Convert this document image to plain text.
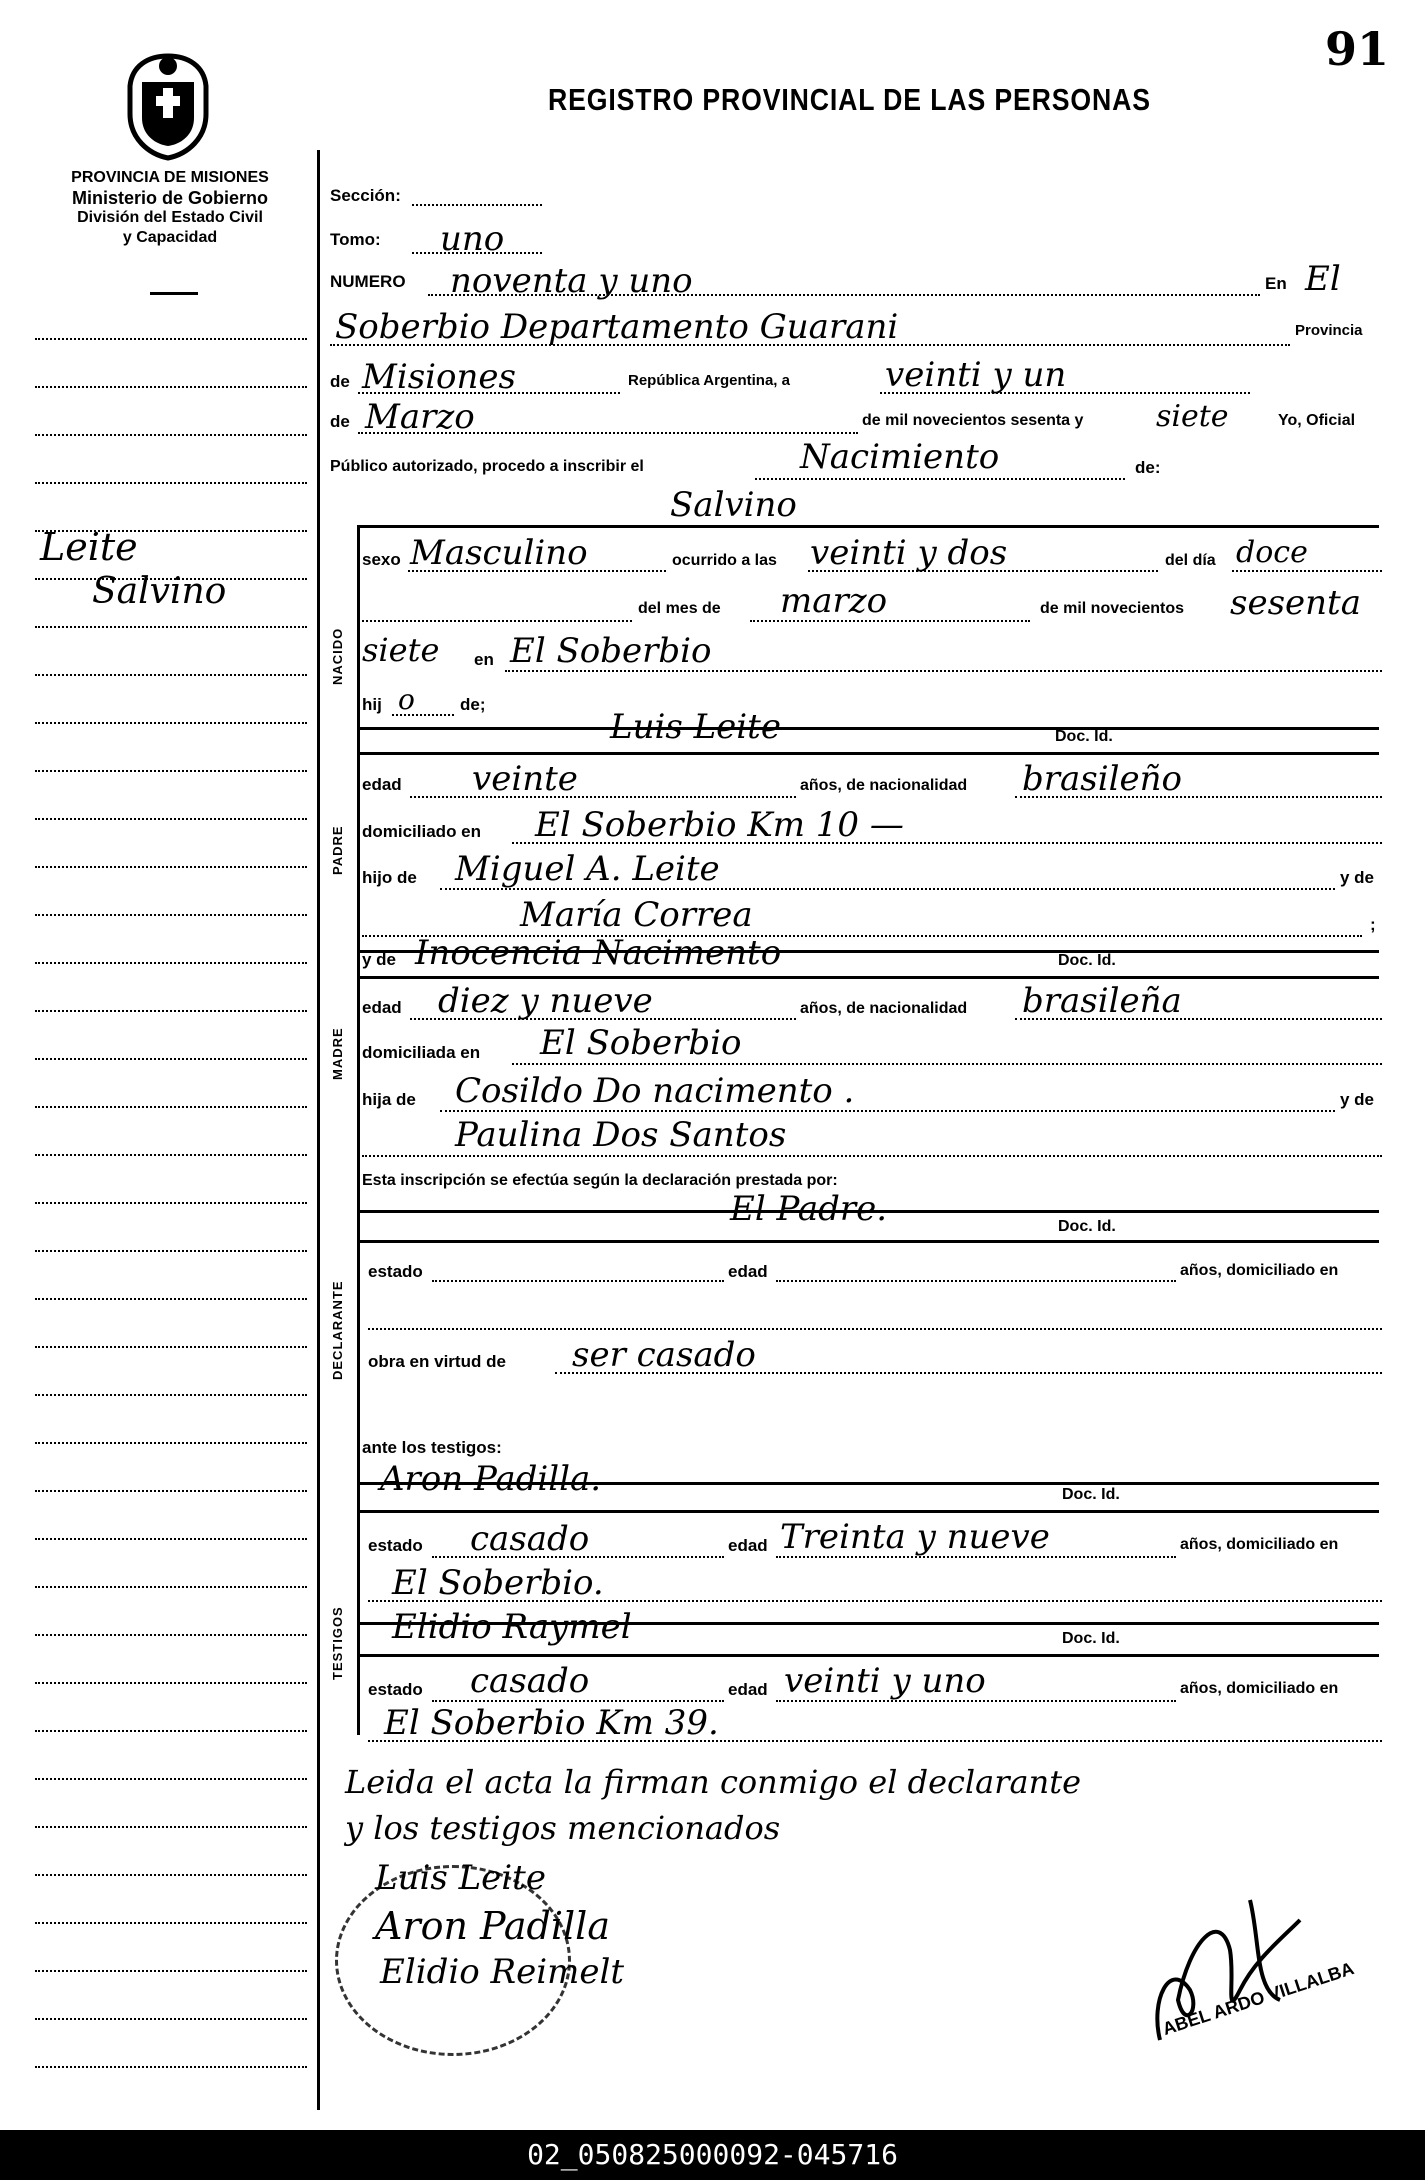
91
REGISTRO PROVINCIAL DE LAS PERSONAS
PROVINCIA DE MISIONES
Ministerio de Gobierno
División del Estado Civil
y Capacidad
Leite
Salvino
Sección:
Tomo: uno
NUMERO noventa y uno	En El
Soberbio Departamento Guarani	Provincia
de Misiones	República Argentina, a	veinti y un
de Marzo	de mil novecientos sesenta y siete	Yo, Oficial
Público autorizado, procedo a inscribir el	Nacimiento	de:
Salvino
NACIDO
sexo Masculino	ocurrido a las veinti y dos	del día doce
del mes de marzo	de mil novecientos sesenta
siete en El Soberbio
hij o	de;
PADRE
Luis Leite	Doc. Id.
edad veinte	años, de nacionalidad brasileño
domiciliado en El Soberbio Km 10 —
hijo de Miguel A. Leite	y de
María Correa	;
MADRE
y de Inocencia Nacimento	Doc. Id.
edad diez y nueve	años, de nacionalidad brasileña
domiciliada en El Soberbio
hija de Cosildo Do nacimento .	y de
Paulina Dos Santos
Esta inscripción se efectúa según la declaración prestada por:
El Padre.	Doc. Id.
DECLARANTE
estado	edad	años, domiciliado en
obra en virtud de ser casado
ante los testigos:
TESTIGOS
Aron Padilla.	Doc. Id.
estado casado	edad Treinta y nueve	años, domiciliado en
El Soberbio.
Elidio Raymel	Doc. Id.
estado casado	edad veinti y uno	años, domiciliado en
El Soberbio Km 39.
Leida el acta la firman conmigo el declarante
y los testigos mencionados
Luis Leite
Aron Padilla
Elidio Reimelt	ABEL ARDO VILLALBA
02_050825000092-045716
